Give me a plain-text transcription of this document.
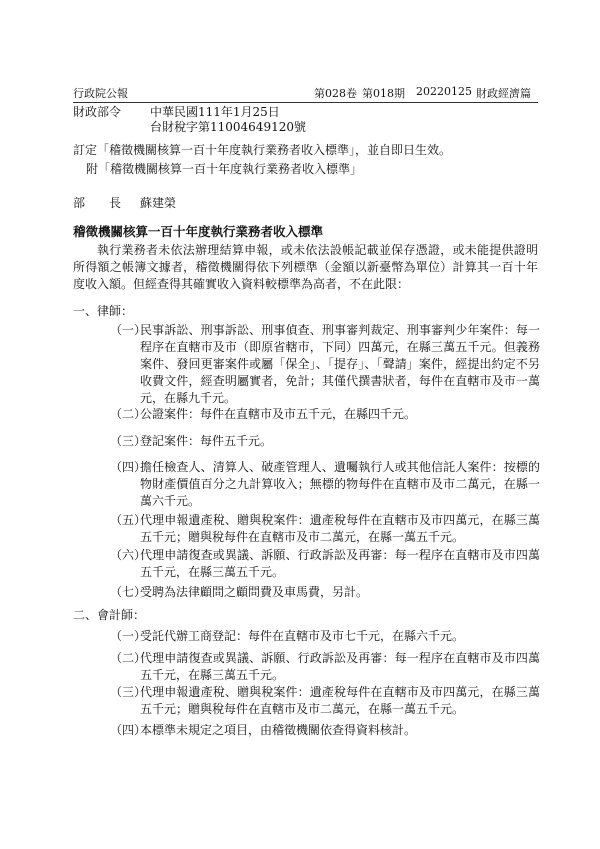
行政院公報	第028卷 第018期 20220125 財政經濟篇
財政部令 中華民國111年1月25日
台財稅字第11004649120號
訂定「稽徵機關核算一百十年度執行業務者收入標準」，並自即日生效。
附「稽徵機關核算一百十年度執行業務者收入標準」
部　　長 蘇建榮
稽徵機關核算一百十年度執行業務者收入標準
執行業務者未依法辦理結算申報，或未依法設帳記載並保存憑證，或未能提供證明所得額之帳簿文據者，稽徵機關得依下列標準（金額以新臺幣為單位）計算其一百十年度收入額。但經查得其確實收入資料較標準為高者，不在此限：
一、律師：
（一）
民事訴訟、刑事訴訟、刑事偵查、刑事審判裁定、刑事審判少年案件：每一程序在直轄市及市（即原省轄市，下同）四萬元，在縣三萬五千元。但義務案件、發回更審案件或屬「保全」、「提存」、「聲請」案件，經提出約定不另收費文件，經查明屬實者，免計；其僅代撰書狀者，每件在直轄市及市一萬元，在縣九千元。
（二）
公證案件：每件在直轄市及市五千元，在縣四千元。
（三）
登記案件：每件五千元。
（四）
擔任檢查人、清算人、破產管理人、遺囑執行人或其他信託人案件：按標的物財產價值百分之九計算收入；無標的物每件在直轄市及市二萬元，在縣一萬六千元。
（五）
代理申報遺產稅、贈與稅案件：遺產稅每件在直轄市及市四萬元，在縣三萬五千元；贈與稅每件在直轄市及市二萬元，在縣一萬五千元。
（六）
代理申請復查或異議、訴願、行政訴訟及再審：每一程序在直轄市及市四萬五千元，在縣三萬五千元。
（七）
受聘為法律顧問之顧問費及車馬費，另計。
二、會計師：
（一）
受託代辦工商登記：每件在直轄市及市七千元，在縣六千元。
（二）
代理申請復查或異議、訴願、行政訴訟及再審：每一程序在直轄市及市四萬五千元，在縣三萬五千元。
（三）
代理申報遺產稅、贈與稅案件：遺產稅每件在直轄市及市四萬元，在縣三萬五千元；贈與稅每件在直轄市及市二萬元，在縣一萬五千元。
（四）
本標準未規定之項目，由稽徵機關依查得資料核計。
